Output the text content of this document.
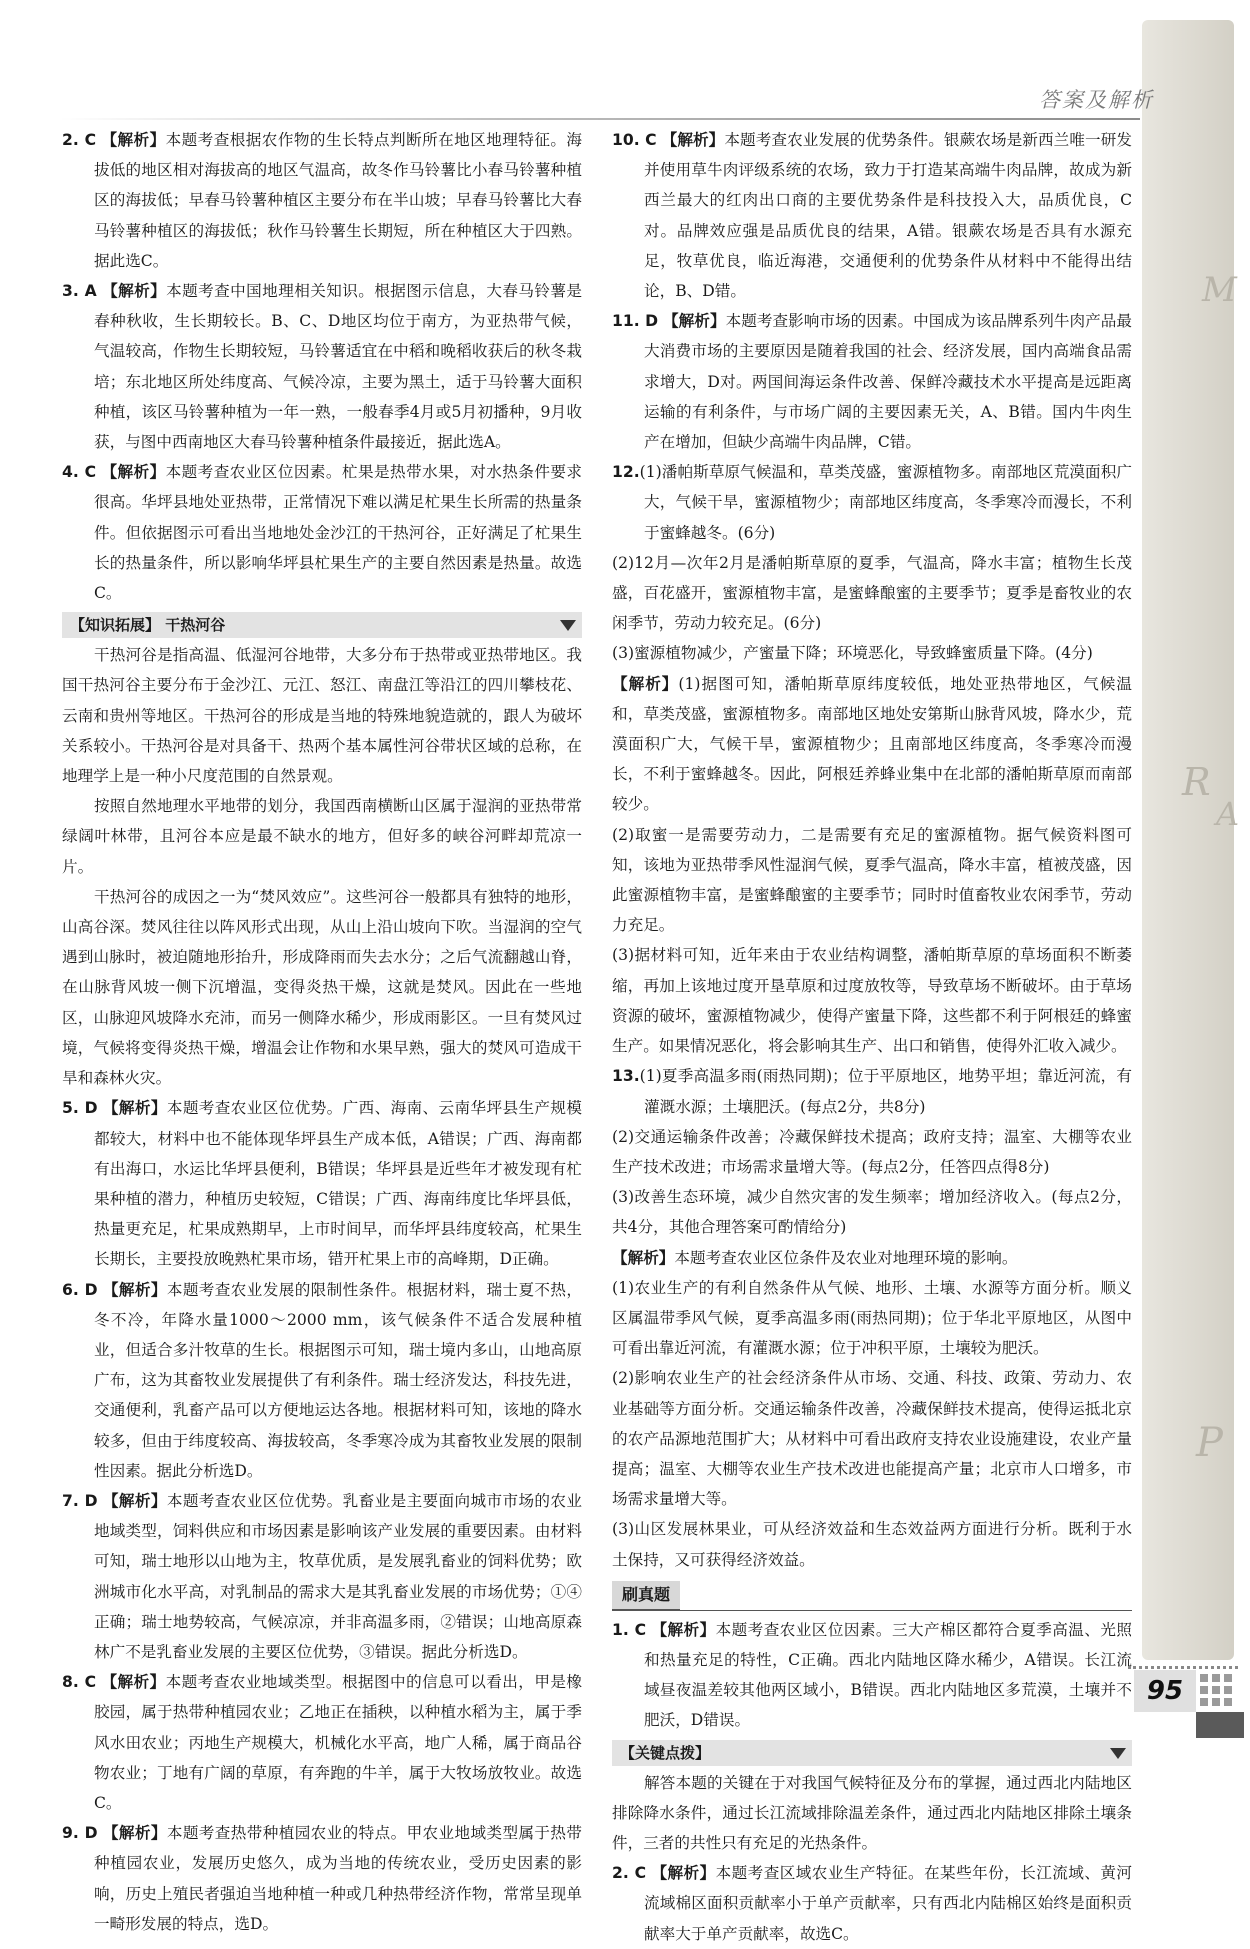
M
R
A
P
答案及解析

2. C 【解析】本题考查根据农作物的生长特点判断所在地区地理特征。海拔低的地区相对海拔高的地区气温高，故冬作马铃薯比小春马铃薯种植区的海拔低；早春马铃薯种植区主要分布在半山坡；早春马铃薯比大春马铃薯种植区的海拔低；秋作马铃薯生长期短，所在种植区大于四熟。据此选C。

3. A 【解析】本题考查中国地理相关知识。根据图示信息，大春马铃薯是春种秋收，生长期较长。B、C、D地区均位于南方，为亚热带气候，气温较高，作物生长期较短，马铃薯适宜在中稻和晚稻收获后的秋冬栽培；东北地区所处纬度高、气候冷凉，主要为黑土，适于马铃薯大面积种植，该区马铃薯种植为一年一熟，一般春季4月或5月初播种，9月收获，与图中西南地区大春马铃薯种植条件最接近，据此选A。

4. C 【解析】本题考查农业区位因素。杧果是热带水果，对水热条件要求很高。华坪县地处亚热带，正常情况下难以满足杧果生长所需的热量条件。但依据图示可看出当地地处金沙江的干热河谷，正好满足了杧果生长的热量条件，所以影响华坪县杧果生产的主要自然因素是热量。故选C。

【知识拓展】 干热河谷

干热河谷是指高温、低湿河谷地带，大多分布于热带或亚热带地区。我国干热河谷主要分布于金沙江、元江、怒江、南盘江等沿江的四川攀枝花、云南和贵州等地区。干热河谷的形成是当地的特殊地貌造就的，跟人为破坏关系较小。干热河谷是对具备干、热两个基本属性河谷带状区域的总称，在地理学上是一种小尺度范围的自然景观。

按照自然地理水平地带的划分，我国西南横断山区属于湿润的亚热带常绿阔叶林带，且河谷本应是最不缺水的地方，但好多的峡谷河畔却荒凉一片。

干热河谷的成因之一为“焚风效应”。这些河谷一般都具有独特的地形，山高谷深。焚风往往以阵风形式出现，从山上沿山坡向下吹。当湿润的空气遇到山脉时，被迫随地形抬升，形成降雨而失去水分；之后气流翻越山脊，在山脉背风坡一侧下沉增温，变得炎热干燥，这就是焚风。因此在一些地区，山脉迎风坡降水充沛，而另一侧降水稀少，形成雨影区。一旦有焚风过境，气候将变得炎热干燥，增温会让作物和水果早熟，强大的焚风可造成干旱和森林火灾。

5. D 【解析】本题考查农业区位优势。广西、海南、云南华坪县生产规模都较大，材料中也不能体现华坪县生产成本低，A错误；广西、海南都有出海口，水运比华坪县便利，B错误；华坪县是近些年才被发现有杧果种植的潜力，种植历史较短，C错误；广西、海南纬度比华坪县低，热量更充足，杧果成熟期早，上市时间早，而华坪县纬度较高，杧果生长期长，主要投放晚熟杧果市场，错开杧果上市的高峰期，D正确。

6. D 【解析】本题考查农业发展的限制性条件。根据材料，瑞士夏不热，冬不冷，年降水量1000～2000 mm，该气候条件不适合发展种植业，但适合多汁牧草的生长。根据图示可知，瑞士境内多山，山地高原广布，这为其畜牧业发展提供了有利条件。瑞士经济发达，科技先进，交通便利，乳畜产品可以方便地运达各地。根据材料可知，该地的降水较多，但由于纬度较高、海拔较高，冬季寒冷成为其畜牧业发展的限制性因素。据此分析选D。

7. D 【解析】本题考查农业区位优势。乳畜业是主要面向城市市场的农业地域类型，饲料供应和市场因素是影响该产业发展的重要因素。由材料可知，瑞士地形以山地为主，牧草优质，是发展乳畜业的饲料优势；欧洲城市化水平高，对乳制品的需求大是其乳畜业发展的市场优势；①④正确；瑞士地势较高，气候凉凉，并非高温多雨，②错误；山地高原森林广不是乳畜业发展的主要区位优势，③错误。据此分析选D。

8. C 【解析】本题考查农业地域类型。根据图中的信息可以看出，甲是橡胶园，属于热带种植园农业；乙地正在插秧，以种植水稻为主，属于季风水田农业；丙地生产规模大，机械化水平高，地广人稀，属于商品谷物农业；丁地有广阔的草原，有奔跑的牛羊，属于大牧场放牧业。故选C。

9. D 【解析】本题考查热带种植园农业的特点。甲农业地域类型属于热带种植园农业，发展历史悠久，成为当地的传统农业，受历史因素的影响，历史上殖民者强迫当地种植一种或几种热带经济作物，常常呈现单一畸形发展的特点，选D。

10. C 【解析】本题考查农业发展的优势条件。银蕨农场是新西兰唯一研发并使用草牛肉评级系统的农场，致力于打造某高端牛肉品牌，故成为新西兰最大的红肉出口商的主要优势条件是科技投入大，品质优良，C对。品牌效应强是品质优良的结果，A错。银蕨农场是否具有水源充足，牧草优良，临近海港，交通便利的优势条件从材料中不能得出结论，B、D错。

11. D 【解析】本题考查影响市场的因素。中国成为该品牌系列牛肉产品最大消费市场的主要原因是随着我国的社会、经济发展，国内高端食品需求增大，D对。两国间海运条件改善、保鲜冷藏技术水平提高是远距离运输的有利条件，与市场广阔的主要因素无关，A、B错。国内牛肉生产在增加，但缺少高端牛肉品牌，C错。

12.(1)潘帕斯草原气候温和，草类茂盛，蜜源植物多。南部地区荒漠面积广大，气候干旱，蜜源植物少；南部地区纬度高，冬季寒冷而漫长，不利于蜜蜂越冬。(6分)

(2)12月—次年2月是潘帕斯草原的夏季，气温高，降水丰富；植物生长茂盛，百花盛开，蜜源植物丰富，是蜜蜂酿蜜的主要季节；夏季是畜牧业的农闲季节，劳动力较充足。(6分)

(3)蜜源植物减少，产蜜量下降；环境恶化，导致蜂蜜质量下降。(4分)

【解析】(1)据图可知，潘帕斯草原纬度较低，地处亚热带地区，气候温和，草类茂盛，蜜源植物多。南部地区地处安第斯山脉背风坡，降水少，荒漠面积广大，气候干旱，蜜源植物少；且南部地区纬度高，冬季寒冷而漫长，不利于蜜蜂越冬。因此，阿根廷养蜂业集中在北部的潘帕斯草原而南部较少。

(2)取蜜一是需要劳动力，二是需要有充足的蜜源植物。据气候资料图可知，该地为亚热带季风性湿润气候，夏季气温高，降水丰富，植被茂盛，因此蜜源植物丰富，是蜜蜂酿蜜的主要季节；同时时值畜牧业农闲季节，劳动力充足。

(3)据材料可知，近年来由于农业结构调整，潘帕斯草原的草场面积不断萎缩，再加上该地过度开垦草原和过度放牧等，导致草场不断破坏。由于草场资源的破坏，蜜源植物减少，使得产蜜量下降，这些都不利于阿根廷的蜂蜜生产。如果情况恶化，将会影响其生产、出口和销售，使得外汇收入减少。

13.(1)夏季高温多雨(雨热同期)；位于平原地区，地势平坦；靠近河流，有灌溉水源；土壤肥沃。(每点2分，共8分)

(2)交通运输条件改善；冷藏保鲜技术提高；政府支持；温室、大棚等农业生产技术改进；市场需求量增大等。(每点2分，任答四点得8分)

(3)改善生态环境，减少自然灾害的发生频率；增加经济收入。(每点2分，共4分，其他合理答案可酌情给分)

【解析】本题考查农业区位条件及农业对地理环境的影响。

(1)农业生产的有利自然条件从气候、地形、土壤、水源等方面分析。顺义区属温带季风气候，夏季高温多雨(雨热同期)；位于华北平原地区，从图中可看出靠近河流，有灌溉水源；位于冲积平原，土壤较为肥沃。

(2)影响农业生产的社会经济条件从市场、交通、科技、政策、劳动力、农业基础等方面分析。交通运输条件改善，冷藏保鲜技术提高，使得运抵北京的农产品源地范围扩大；从材料中可看出政府支持农业设施建设，农业产量提高；温室、大棚等农业生产技术改进也能提高产量；北京市人口增多，市场需求量增大等。

(3)山区发展林果业，可从经济效益和生态效益两方面进行分析。既利于水土保持，又可获得经济效益。

刷真题

1. C 【解析】本题考查农业区位因素。三大产棉区都符合夏季高温、光照和热量充足的特性，C正确。西北内陆地区降水稀少，A错误。长江流域昼夜温差较其他两区域小，B错误。西北内陆地区多荒漠，土壤并不肥沃，D错误。

【关键点拨】

解答本题的关键在于对我国气候特征及分布的掌握，通过西北内陆地区排除降水条件，通过长江流域排除温差条件，通过西北内陆地区排除土壤条件，三者的共性只有充足的光热条件。

2. C 【解析】本题考查区域农业生产特征。在某些年份，长江流域、黄河流域棉区面积贡献率小于单产贡献率，只有西北内陆棉区始终是面积贡献率大于单产贡献率，故选C。

95
